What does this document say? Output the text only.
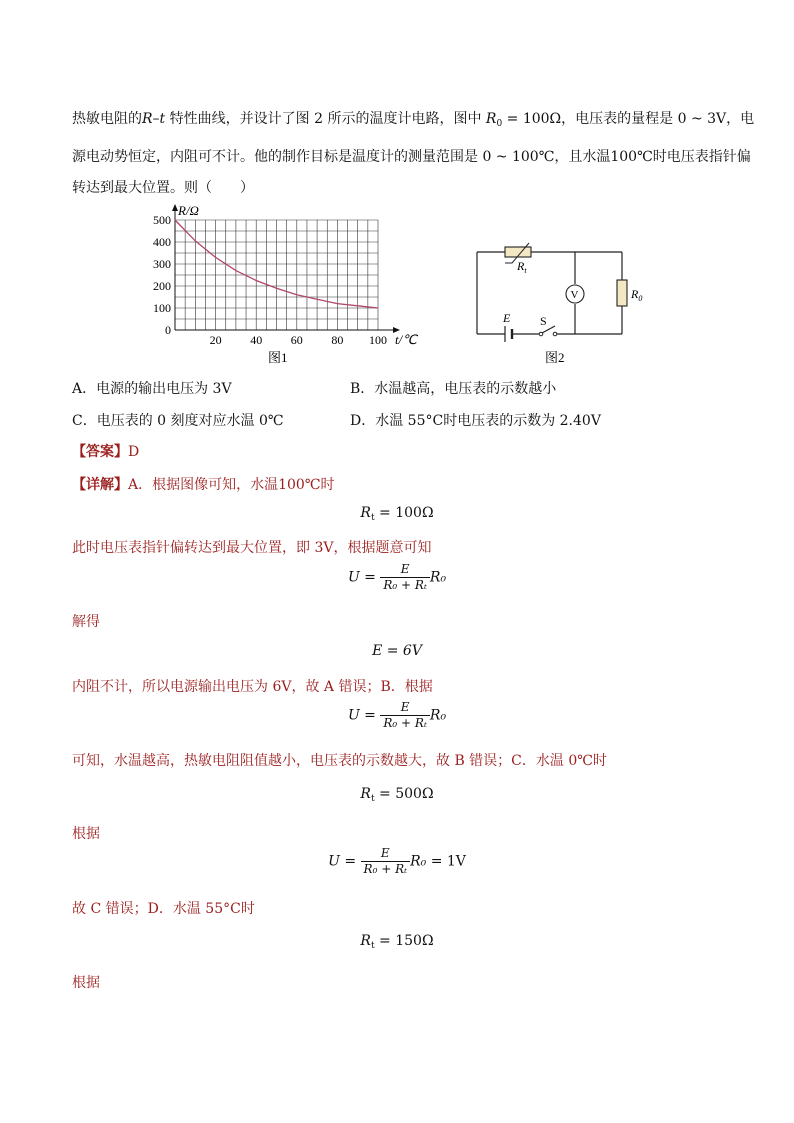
热敏电阻的R–t 特性曲线，并设计了图 2 所示的温度计电路，图中 $R_0 = 100\Omega$，电压表的量程是 0 ~ 3V，电
源电动势恒定，内阻可不计。他的制作目标是温度计的测量范围是 0 ~ 100℃，且水温100℃时电压表指针偏
转达到最大位置。则（　　）
500
400
300
200
100
0
20 40 60 80 100
R/Ω
t/℃
图1
$R_t$
V	$R_0$
E S
图2
A．电源的输出电压为 3V	B．水温越高，电压表的示数越小
C．电压表的 0 刻度对应水温 0℃	D．水温 55°C时电压表的示数为 2.40V
【答案】D
【详解】A．根据图像可知，水温100℃时
$R_t = 100\Omega$
此时电压表指针偏转达到最大位置，即 3V，根据题意可知
$U = \frac{E}{\text{R₀ + Rₜ}} R_0$
解得
E = 6V
内阻不计，所以电源输出电压为 6V，故 A 错误；B．根据
$U = \frac{E}{\text{R₀ + Rₜ}} R_0$
可知，水温越高，热敏电阻阻值越小，电压表的示数越大，故 B 错误；C．水温 0℃时
$R_t = 500\Omega$
根据
$U = \frac{E}{\text{R₀ + Rₜ}} R_0 = 1V$
故 C 错误；D．水温 55°C时
$R_t = 150\Omega$
根据
